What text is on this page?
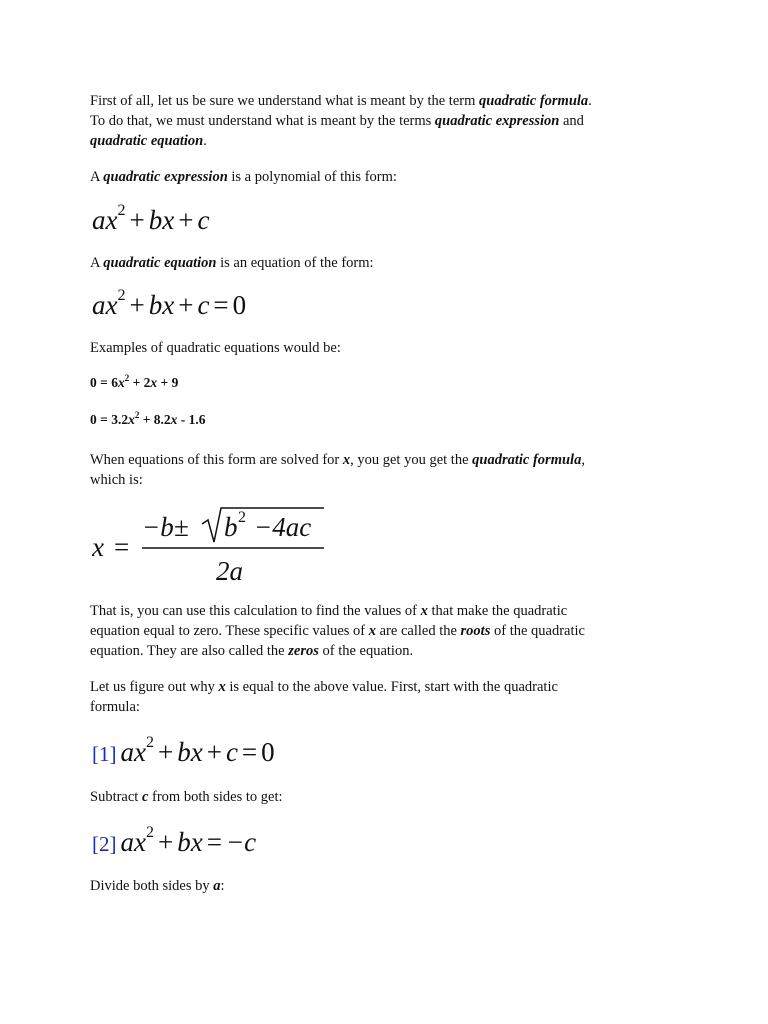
First of all, let us be sure we understand what is meant by the term quadratic formula.
To do that, we must understand what is meant by the terms quadratic expression and
quadratic equation.
A quadratic expression is a polynomial of this form:
$ax^2$ + bx + c
A quadratic equation is an equation of the form:
$ax^2$ + bx + c = 0
Examples of quadratic equations would be:
$0 = 6x^2 + 2x + 9$
$0 = 3.2x^2 + 8.2x - 1.6$
When equations of this form are solved for x, you get you get the quadratic formula,
which is:
x =
−b ± b 2 −4ac
2a
That is, you can use this calculation to find the values of x that make the quadratic
equation equal to zero. These specific values of x are called the roots of the quadratic
equation. They are also called the zeros of the equation.
Let us figure out why x is equal to the above value. First, start with the quadratic
formula:
[1] $ax^2$ + bx + c = 0
Subtract c from both sides to get:
[2] $ax^2$ + bx = −c
Divide both sides by a:
